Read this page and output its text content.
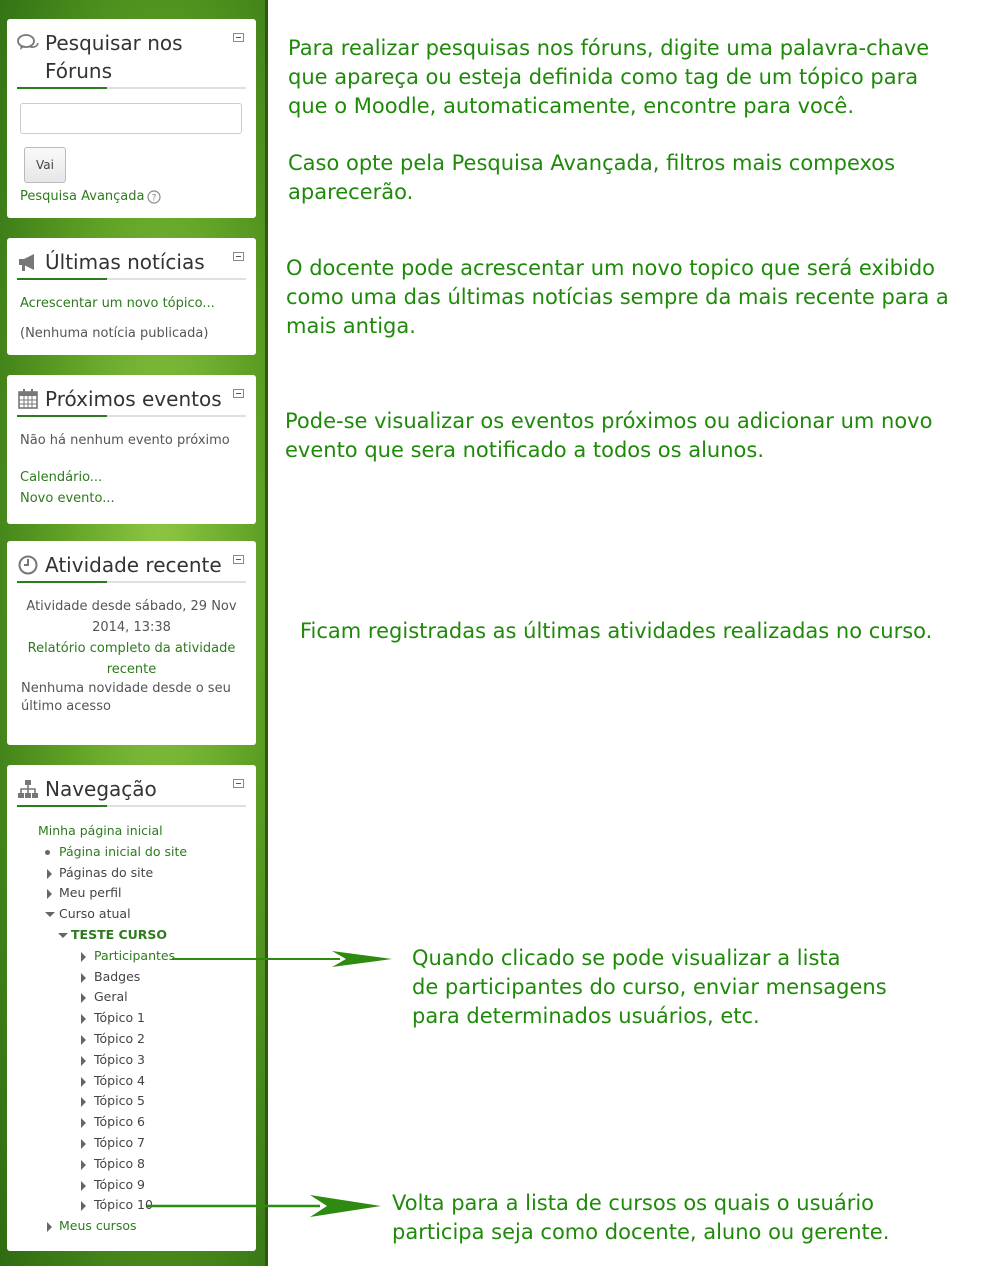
Pesquisar nos Fóruns
Vai
Pesquisa Avançada ?
Últimas notícias
Acrescentar um novo tópico...
(Nenhuma notícia publicada)
Próximos eventos
Não há nenhum evento próximo
Calendário...
Novo evento...
Atividade recente
Atividade desde sábado, 29 Nov
2014, 13:38
Relatório completo da atividade
recente
Nenhuma novidade desde o seu
último acesso
Navegação
Minha página inicial
Página inicial do site
Páginas do site
Meu perfil
Curso atual
TESTE CURSO
Participantes
Badges
Geral
Tópico 1
Tópico 2
Tópico 3
Tópico 4
Tópico 5
Tópico 6
Tópico 7
Tópico 8
Tópico 9
Tópico 10
Meus cursos
Para realizar pesquisas nos fóruns, digite uma palavra-chave
que apareça ou esteja definida como tag de um tópico para
que o Moodle, automaticamente, encontre para você.
Caso opte pela Pesquisa Avançada, filtros mais compexos
aparecerão.
O docente pode acrescentar um novo topico que será exibido
como uma das últimas notícias sempre da mais recente para a
mais antiga.
Pode-se visualizar os eventos próximos ou adicionar um novo
evento que sera notificado a todos os alunos.
Ficam registradas as últimas atividades realizadas no curso.
Quando clicado se pode visualizar a lista
de participantes do curso, enviar mensagens
para determinados usuários, etc.
Volta para a lista de cursos os quais o usuário
participa seja como docente, aluno ou gerente.
